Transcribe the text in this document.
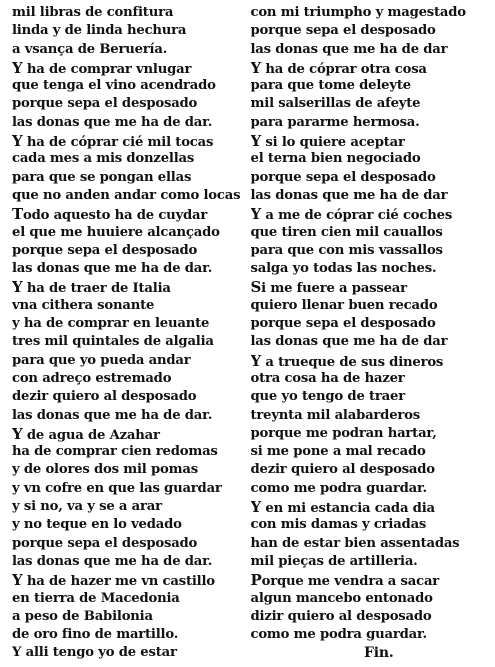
mil libras de confitura
linda y de linda hechura
a vsança de Beruería.
Y ha de comprar vnlugar
que tenga el vino acendrado
porque sepa el desposado
las donas que me ha de dar.
Y ha de cóprar cié mil tocas
cada mes a mis donzellas
para que se pongan ellas
que no anden andar como locas
Todo aquesto ha de cuydar
el que me huuiere alcançado
porque sepa el desposado
las donas que me ha de dar.
Y ha de traer de Italia
vna cithera sonante
y ha de comprar en leuante
tres mil quintales de algalia
para que yo pueda andar
con adreço estremado
dezir quiero al desposado
las donas que me ha de dar.
Y de agua de Azahar
ha de comprar cien redomas
y de olores dos mil pomas
y vn cofre en que las guardar
y si no, va y se a arar
y no teque en lo vedado
porque sepa el desposado
las donas que me ha de dar.
Y ha de hazer me vn castillo
en tierra de Macedonia
a peso de Babilonia
de oro fino de martillo.
Y alli tengo yo de estar
con mi triumpho y magestado
porque sepa el desposado
las donas que me ha de dar
Y ha de cóprar otra cosa
para que tome deleyte
mil salserillas de afeyte
para pararme hermosa.
Y si lo quiere aceptar
el terna bien negociado
porque sepa el desposado
las donas que me ha de dar
Y a me de cóprar cié coches
que tiren cien mil cauallos
para que con mis vassallos
salga yo todas las noches.
Si me fuere a passear
quiero llenar buen recado
porque sepa el desposado
las donas que me ha de dar
Y a trueque de sus dineros
otra cosa ha de hazer
que yo tengo de traer
treynta mil alabarderos
porque me podran hartar,
si me pone a mal recado
dezir quiero al desposado
como me podra guardar.
Y en mi estancia cada dia
con mis damas y criadas
han de estar bien assentadas
mil pieças de artilleria.
Porque me vendra a sacar
algun mancebo entonado
dizir quiero al desposado
como me podra guardar.
Fin.
